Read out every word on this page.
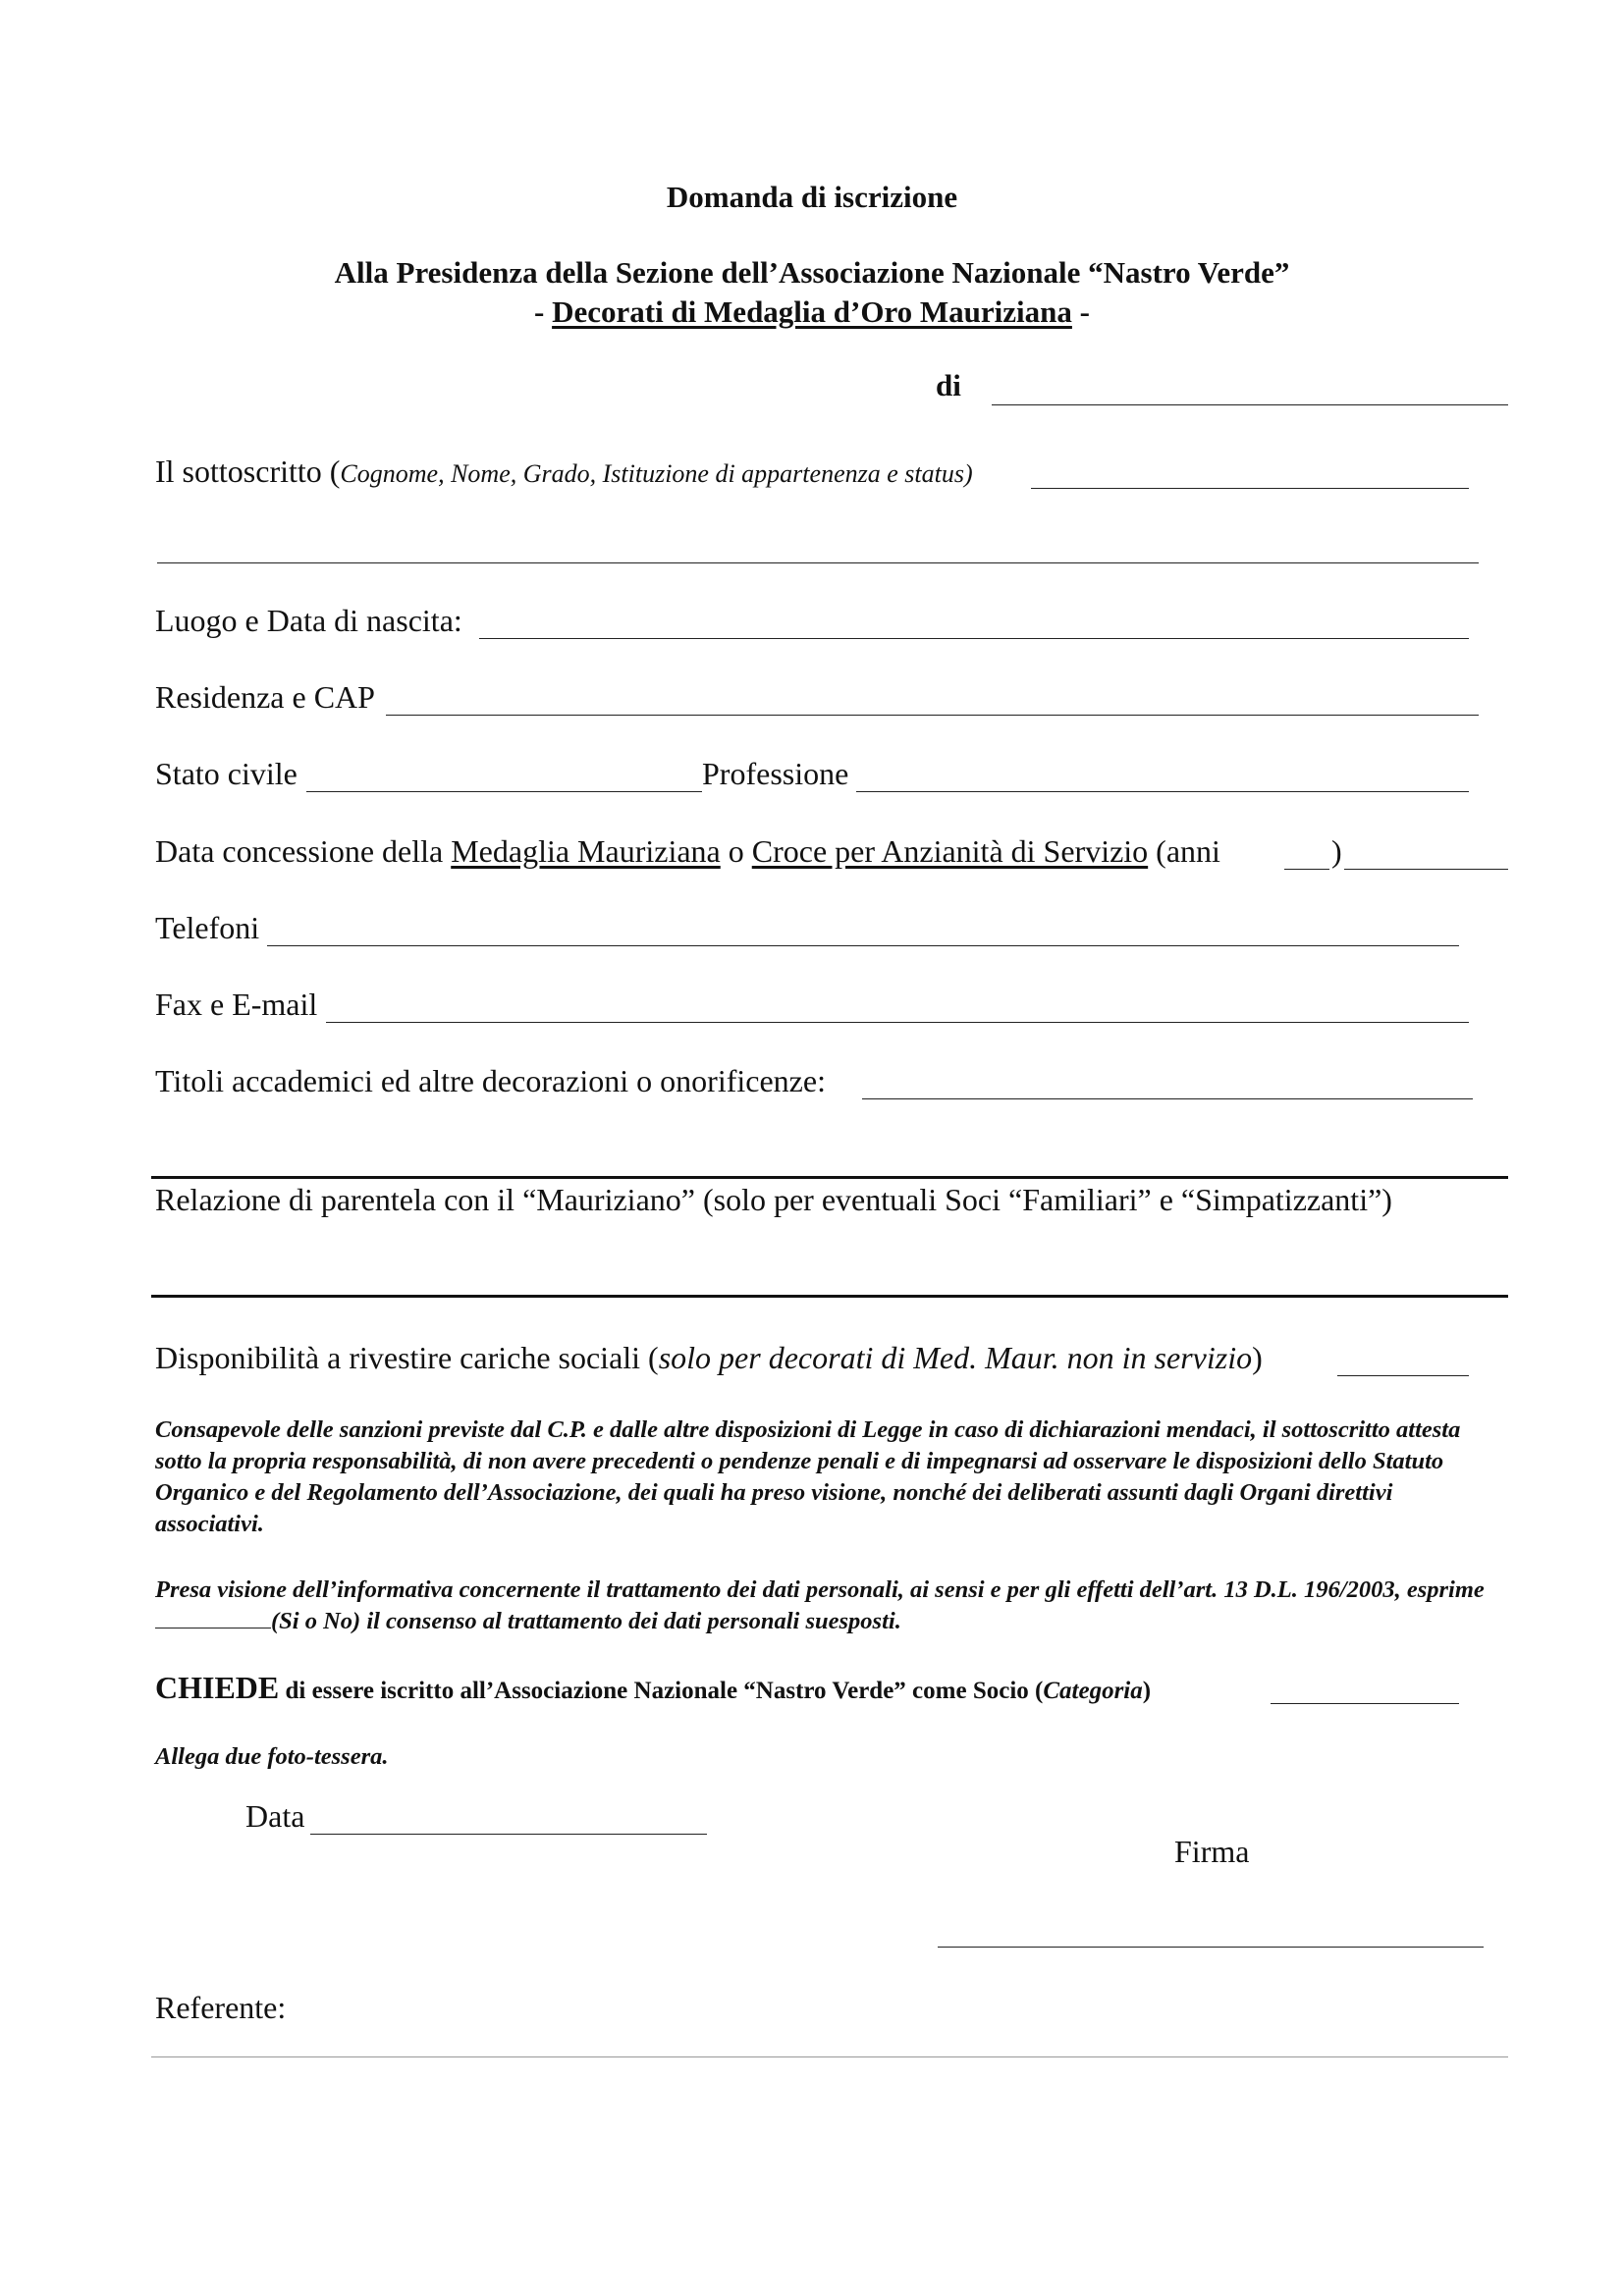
Domanda di iscrizione
Alla Presidenza della Sezione dell’Associazione Nazionale “Nastro Verde”
- Decorati di Medaglia d’Oro Mauriziana -
di
Il sottoscritto (Cognome, Nome, Grado, Istituzione di appartenenza e status)
Luogo e Data di nascita:
Residenza e CAP
Stato civile	Professione
Data concessione della Medaglia Mauriziana o Croce per Anzianità di Servizio (anni	)
Telefoni
Fax e E-mail
Titoli accademici ed altre decorazioni o onorificenze:
Relazione di parentela con il “Mauriziano” (solo per eventuali Soci “Familiari” e “Simpatizzanti”)
Disponibilità a rivestire cariche sociali (solo per decorati di Med. Maur. non in servizio)
Consapevole delle sanzioni previste dal C.P. e dalle altre disposizioni di Legge in caso di dichiarazioni mendaci, il sottoscritto attesta sotto la propria responsabilità, di non avere precedenti o pendenze penali e di impegnarsi ad osservare le disposizioni dello Statuto Organico e del Regolamento dell’Associazione, dei quali ha preso visione, nonché dei deliberati assunti dagli Organi direttivi associativi.
Presa visione dell’informativa concernente il trattamento dei dati personali, ai sensi e per gli effetti dell’art. 13 D.L. 196/2003, esprime(Si o No) il consenso al trattamento dei dati personali suesposti.
CHIEDE di essere iscritto all’Associazione Nazionale “Nastro Verde” come Socio (Categoria)
Allega due foto-tessera.
Data
Firma
Referente:
